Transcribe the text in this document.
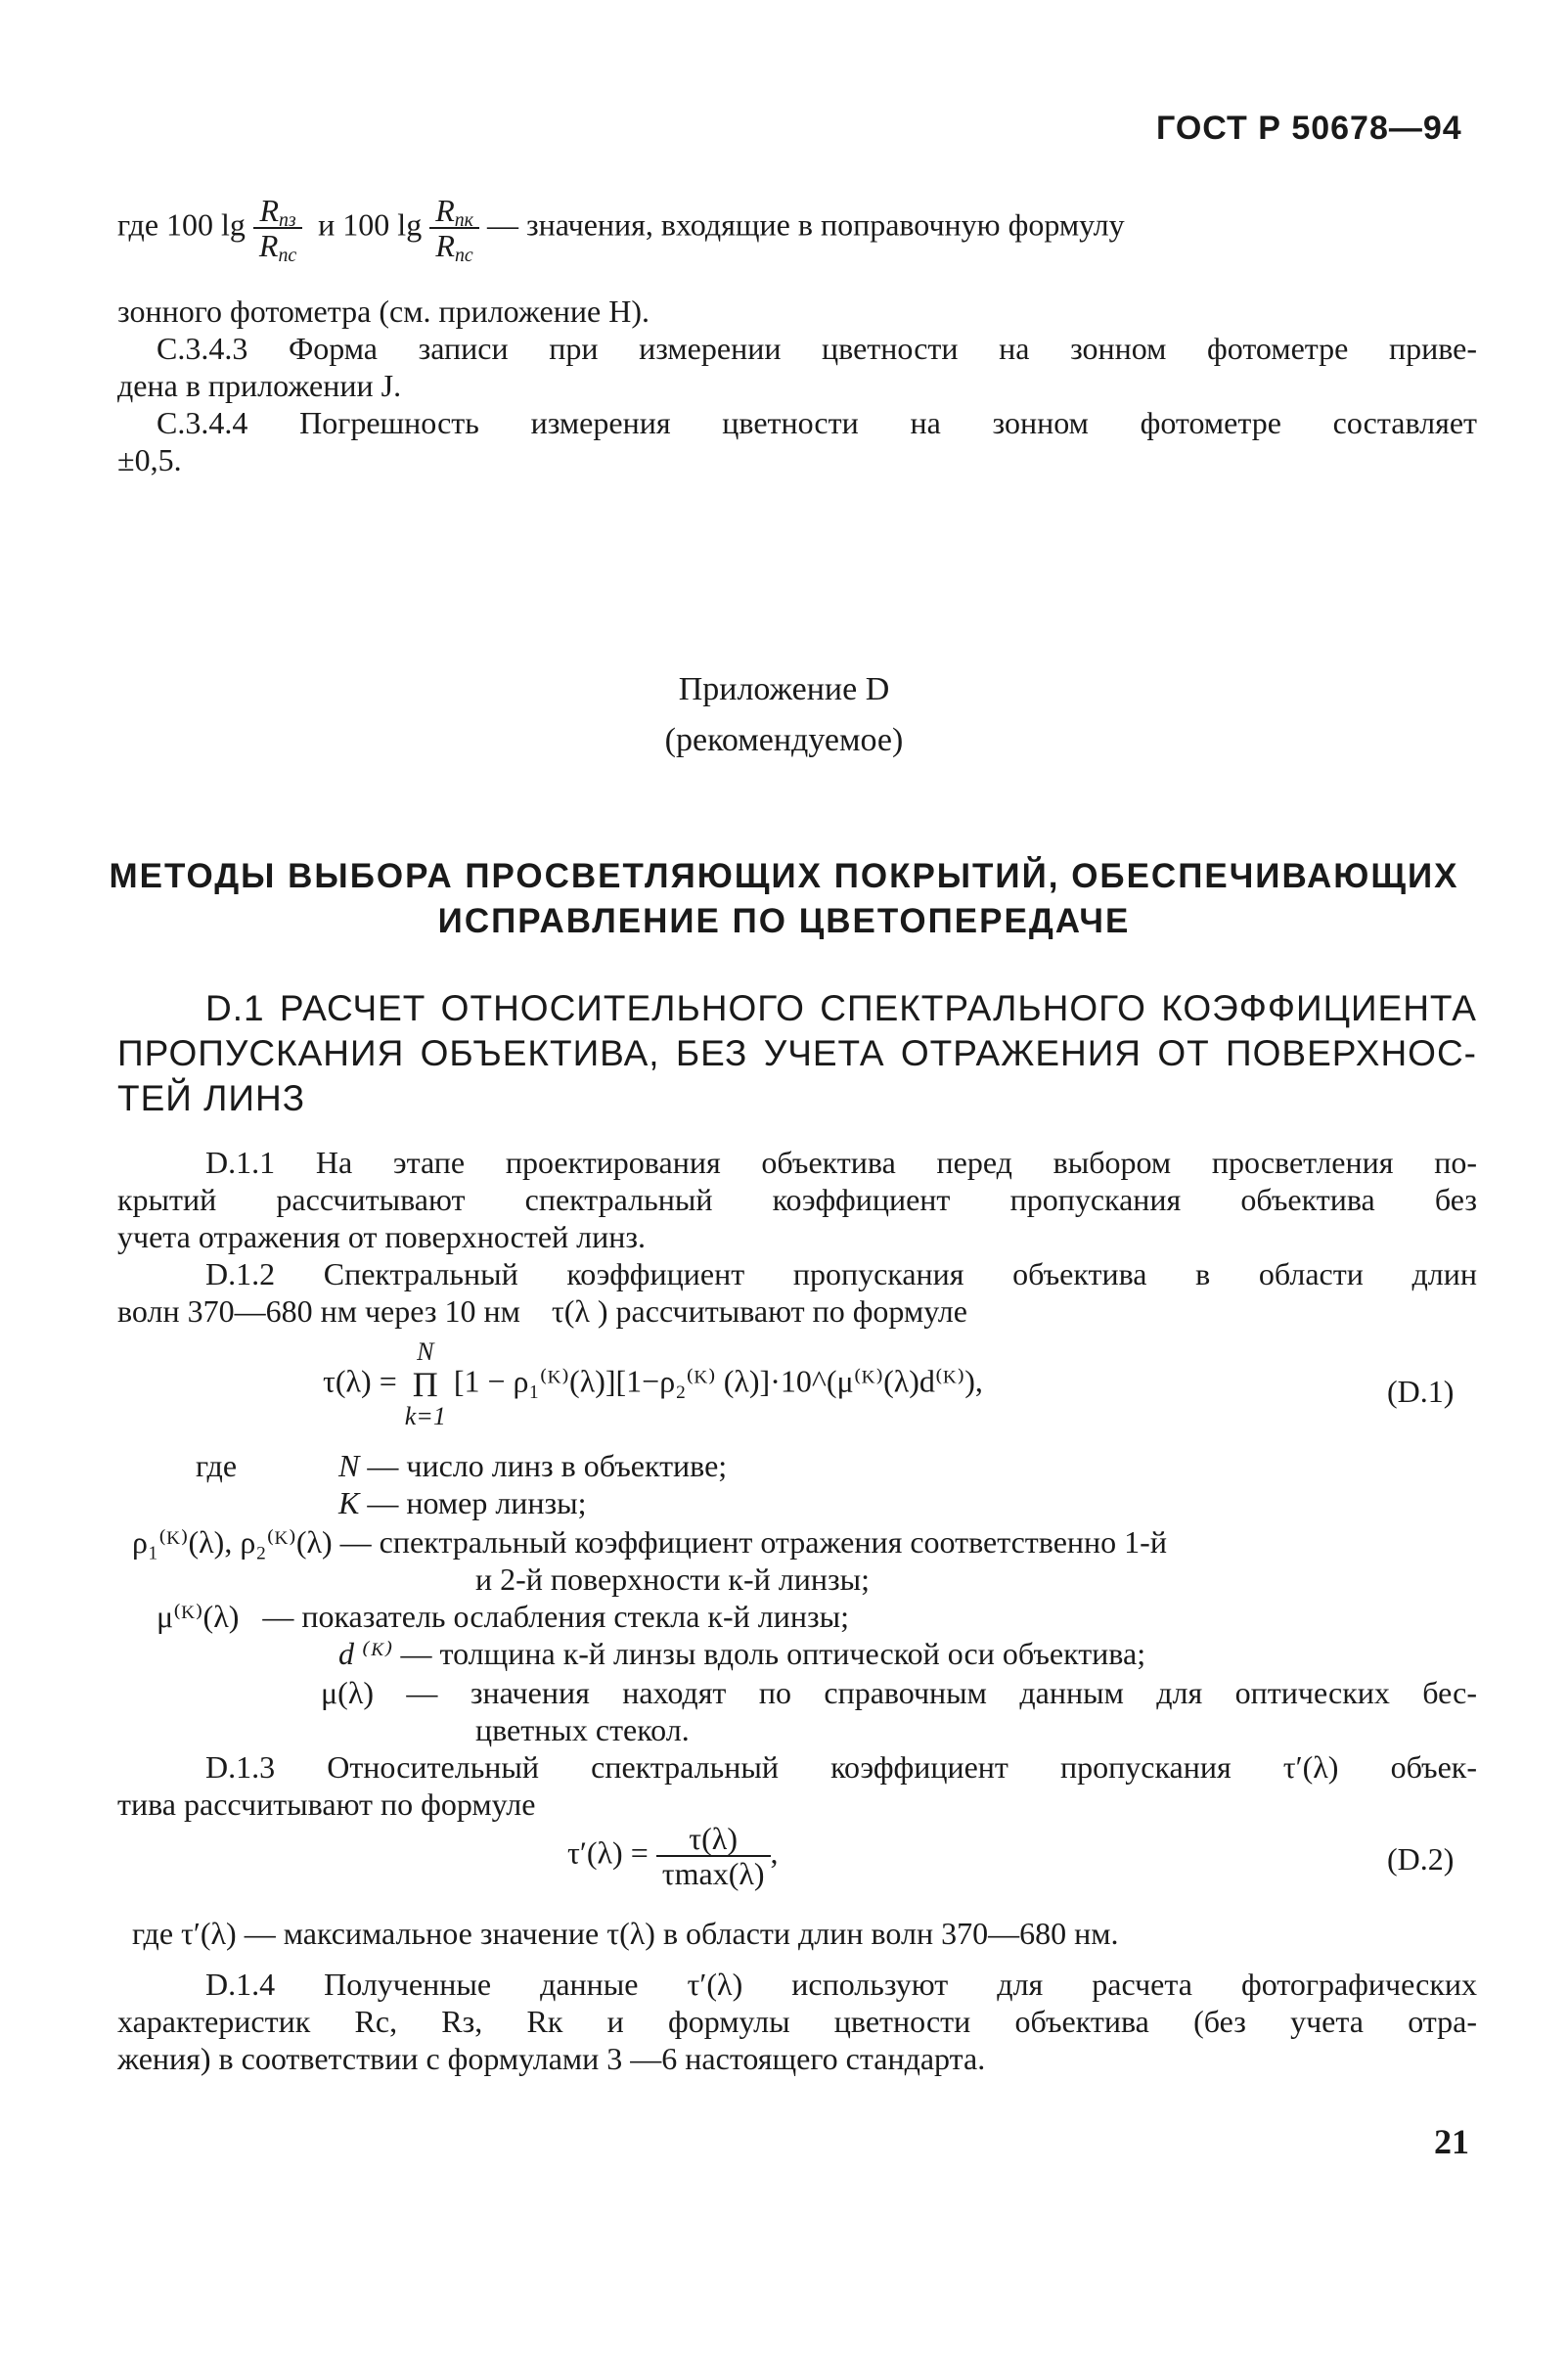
ГОСТ Р 50678—94
где 100 $\lg \frac{R_{пз}}{R_{пс}}$ и 100 $\lg \frac{R_{пк}}{R_{пс}}$ — значения, входящие в поправочную формулу
зонного фотометра (см. приложение Н).
С.3.4.3 Форма записи при измерении цветности на зонном фотометре приве-
дена в приложении J.
С.3.4.4 Погрешность измерения цветности на зонном фотометре составляет
±0,5.
Приложение D
(рекомендуемое)
МЕТОДЫ ВЫБОРА ПРОСВЕТЛЯЮЩИХ ПОКРЫТИЙ, ОБЕСПЕЧИВАЮЩИХ
ИСПРАВЛЕНИЕ ПО ЦВЕТОПЕРЕДАЧЕ
D.1 РАСЧЕТ ОТНОСИТЕЛЬНОГО СПЕКТРАЛЬНОГО КОЭФФИЦИЕНТА
ПРОПУСКАНИЯ ОБЪЕКТИВА, БЕЗ УЧЕТА ОТРАЖЕНИЯ ОТ ПОВЕРХНОС-
ТЕЙ ЛИНЗ
D.1.1 На этапе проектирования объектива перед выбором просветления по-
крытий рассчитывают спектральный коэффициент пропускания объектива без
учета отражения от поверхностей линз.
D.1.2 Спектральный коэффициент пропускания объектива в области длин
волн 370—680 нм через 10 нм τ(λ ) рассчитывают по формуле
τ(λ) = N
Π
k=1 [1 − ρ₁⁽ᴷ⁾(λ)][1−ρ₂⁽ᴷ⁾ (λ)]·10^(μ⁽ᴷ⁾(λ)d⁽ᴷ⁾),	(D.1)
где	N — число линз в объективе;
K — номер линзы;
ρ₁⁽ᴷ⁾(λ), ρ₂⁽ᴷ⁾(λ) — спектральный коэффициент отражения соответственно 1-й
и 2-й поверхности к-й линзы;
μ⁽ᴷ⁾(λ) — показатель ослабления стекла к-й линзы;
d ⁽ᴷ⁾ — толщина к-й линзы вдоль оптической оси объектива;
μ(λ) — значения находят по справочным данным для оптических бес-
цветных стекол.
D.1.3 Относительный спектральный коэффициент пропускания τ′(λ) объек-
тива рассчитывают по формуле
$\tau'(\lambda) = \frac{\tau(\lambda)}{\tau\max(\lambda)}$ ,	(D.2)
где τ′(λ) — максимальное значение τ(λ) в области длин волн 370—680 нм.
D.1.4 Полученные данные τ′(λ) используют для расчета фотографических
характеристик Rс, Rз, Rк и формулы цветности объектива (без учета отра-
жения) в соответствии с формулами 3 —6 настоящего стандарта.
21
